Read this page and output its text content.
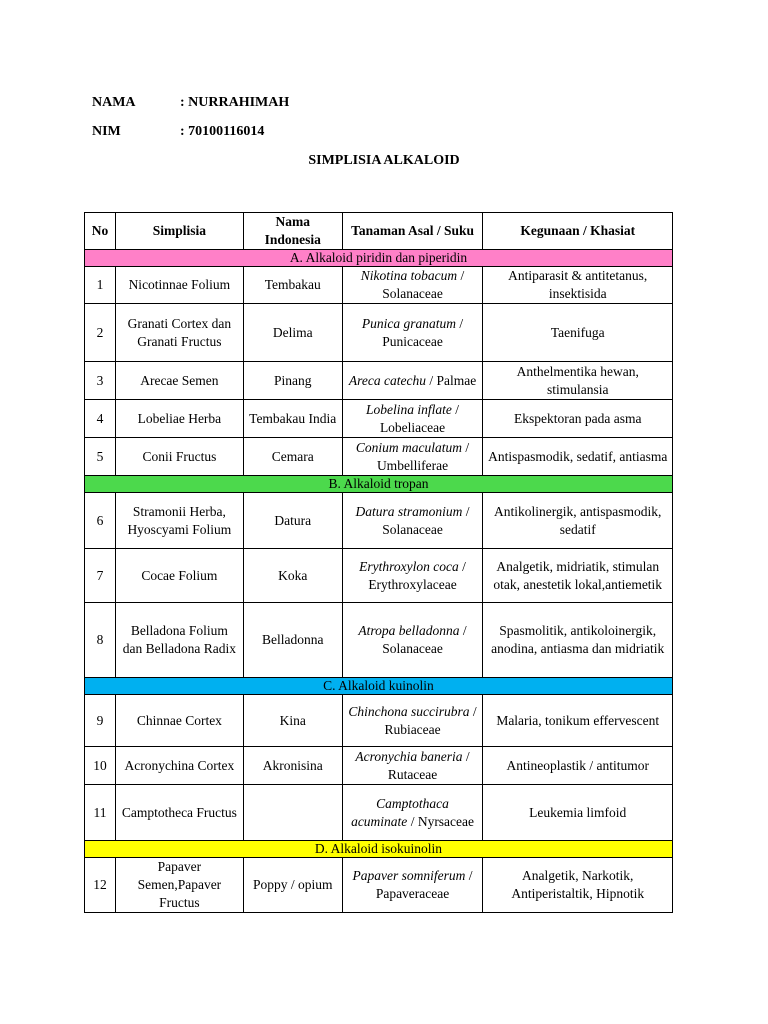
NAMA	: NURRAHIMAH
NIM	: 70100116014
SIMPLISIA ALKALOID
No	Simplisia	Nama Indonesia	Tanaman Asal / Suku	Kegunaan / Khasiat
A. Alkaloid piridin dan piperidin				
1	Nicotinnae Folium	Tembakau	Nikotina tobacum / Solanaceae	Antiparasit & antitetanus, insektisida
2	Granati Cortex dan Granati Fructus	Delima	Punica granatum / Punicaceae	Taenifuga
3	Arecae Semen	Pinang	Areca catechu / Palmae	Anthelmentika hewan, stimulansia
4	Lobeliae Herba	Tembakau India	Lobelina inflate / Lobeliaceae	Ekspektoran pada asma
5	Conii Fructus	Cemara	Conium maculatum / Umbelliferae	Antispasmodik, sedatif, antiasma
B. Alkaloid tropan				
6	Stramonii Herba, Hyoscyami Folium	Datura	Datura stramonium / Solanaceae	Antikolinergik, antispasmodik, sedatif
7	Cocae Folium	Koka	Erythroxylon coca / Erythroxylaceae	Analgetik, midriatik, stimulan otak, anestetik lokal,antiemetik
8	Belladona Folium dan Belladona Radix	Belladonna	Atropa belladonna / Solanaceae	Spasmolitik, antikoloinergik, anodina, antiasma dan midriatik
C. Alkaloid kuinolin				
9	Chinnae Cortex	Kina	Chinchona succirubra / Rubiaceae	Malaria, tonikum effervescent
10	Acronychina Cortex	Akronisina	Acronychia baneria / Rutaceae	Antineoplastik / antitumor
11	Camptotheca Fructus		Camptothaca acuminate / Nyrsaceae	Leukemia limfoid
D. Alkaloid isokuinolin				
12	Papaver Semen,Papaver Fructus	Poppy / opium	Papaver somniferum / Papaveraceae	Analgetik, Narkotik, Antiperistaltik, Hipnotik
